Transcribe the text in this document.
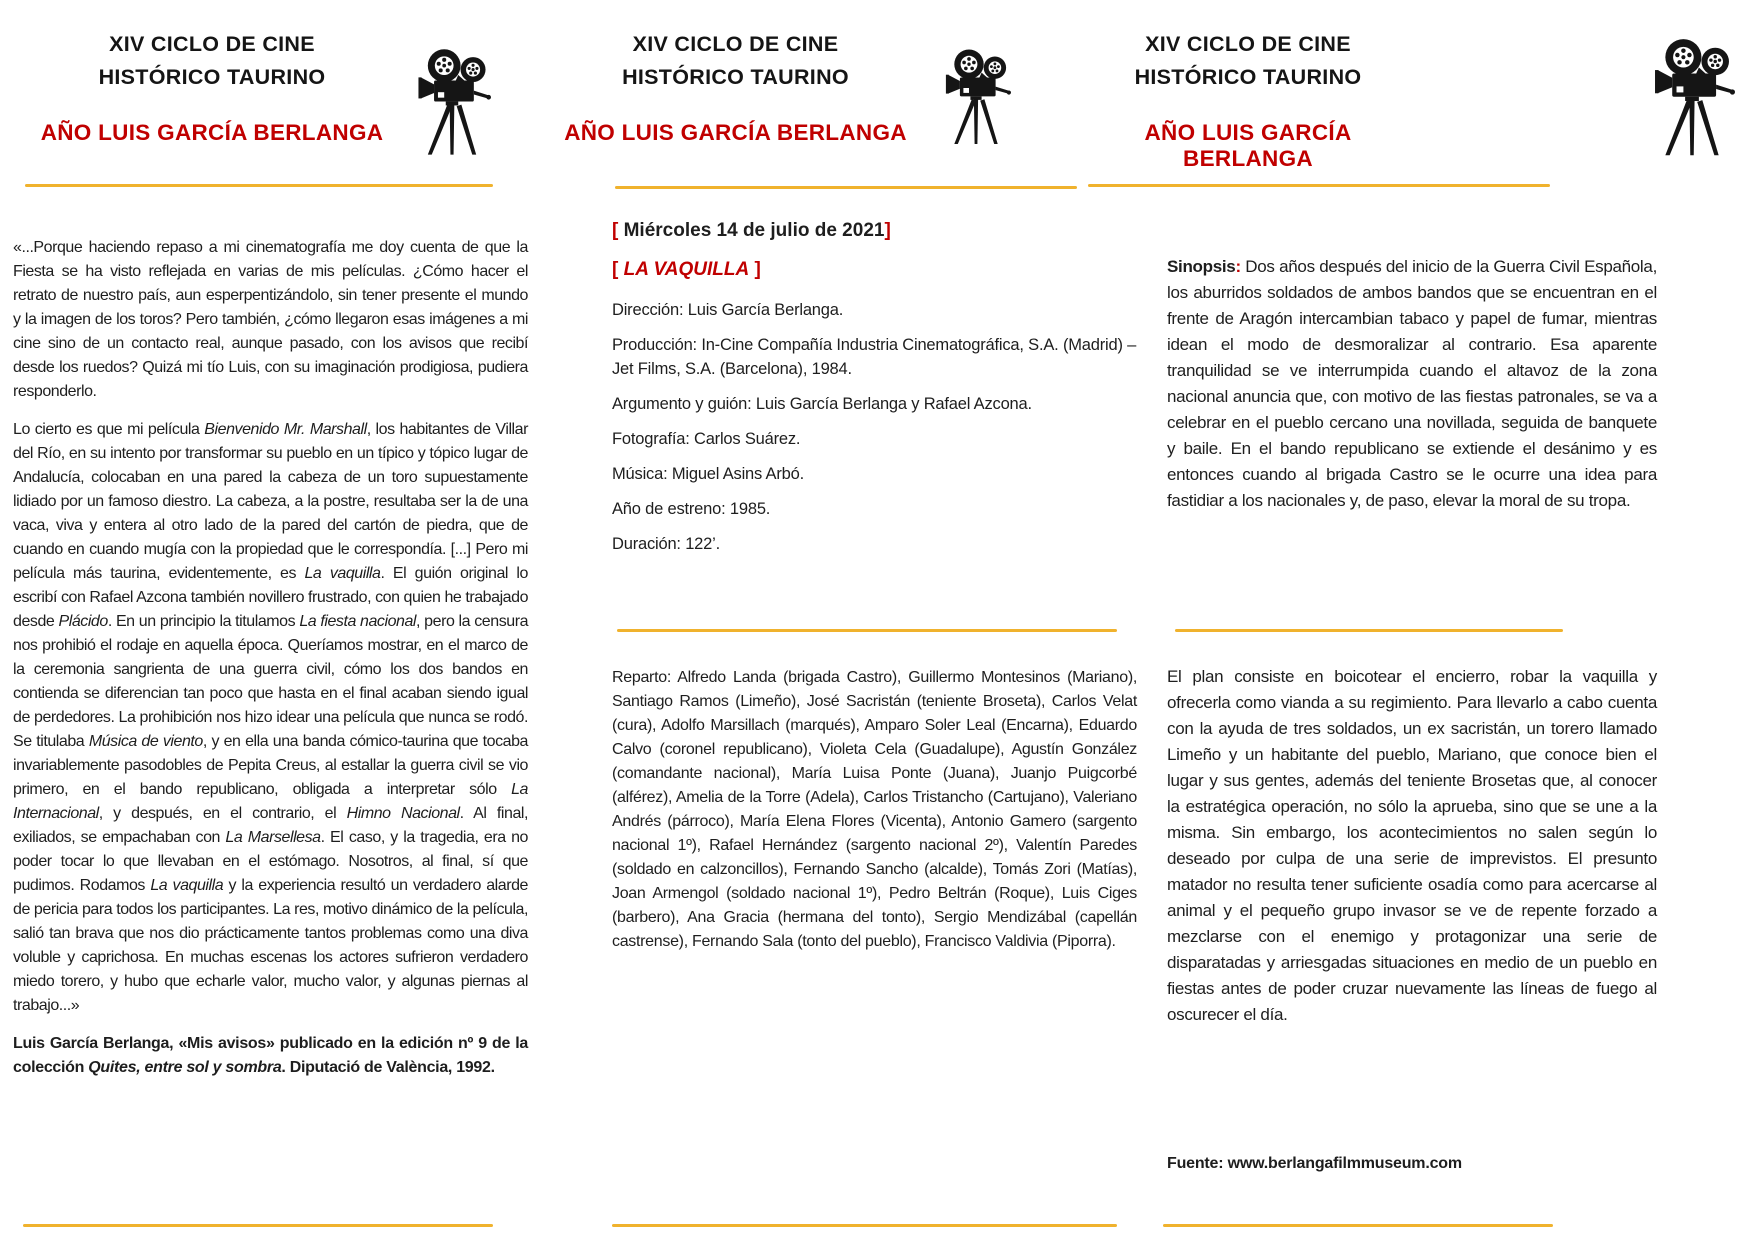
XIV CICLO DE CINE
HISTÓRICO TAURINO
AÑO LUIS GARCÍA BERLANGA
XIV CICLO DE CINE
HISTÓRICO TAURINO
AÑO LUIS GARCÍA BERLANGA
XIV CICLO DE CINE
HISTÓRICO TAURINO
AÑO LUIS GARCÍA BERLANGA

«...Porque haciendo repaso a mi cinematografía me doy cuenta de que la Fiesta se ha visto reflejada en varias de mis películas. ¿Cómo hacer el retrato de nuestro país, aun esperpentizándolo, sin tener presente el mundo y la imagen de los toros? Pero también, ¿cómo llegaron esas imágenes a mi cine sino de un contacto real, aunque pasado, con los avisos que recibí desde los ruedos? Quizá mi tío Luis, con su imaginación prodigiosa, pudiera responderlo.

Lo cierto es que mi película Bienvenido Mr. Marshall, los habitantes de Villar del Río, en su intento por transformar su pueblo en un típico y tópico lugar de Andalucía, colocaban en una pared la cabeza de un toro supuestamente lidiado por un famoso diestro. La cabeza, a la postre, resultaba ser la de una vaca, viva y entera al otro lado de la pared del cartón de piedra, que de cuando en cuando mugía con la propiedad que le correspondía. [...] Pero mi película más taurina, evidentemente, es La vaquilla. El guión original lo escribí con Rafael Azcona también novillero frustrado, con quien he trabajado desde Plácido. En un principio la titulamos La fiesta nacional, pero la censura nos prohibió el rodaje en aquella época. Queríamos mostrar, en el marco de la ceremonia sangrienta de una guerra civil, cómo los dos bandos en contienda se diferencian tan poco que hasta en el final acaban siendo igual de perdedores. La prohibición nos hizo idear una película que nunca se rodó. Se titulaba Música de viento, y en ella una banda cómico-taurina que tocaba invariablemente pasodobles de Pepita Creus, al estallar la guerra civil se vio primero, en el bando republicano, obligada a interpretar sólo La Internacional, y después, en el contrario, el Himno Nacional. Al final, exiliados, se empachaban con La Marsellesa. El caso, y la tragedia, era no poder tocar lo que llevaban en el estómago. Nosotros, al final, sí que pudimos. Rodamos La vaquilla y la experiencia resultó un verdadero alarde de pericia para todos los participantes. La res, motivo dinámico de la película, salió tan brava que nos dio prácticamente tantos problemas como una diva voluble y caprichosa. En muchas escenas los actores sufrieron verdadero miedo torero, y hubo que echarle valor, mucho valor, y algunas piernas al trabajo...»

Luis García Berlanga, «Mis avisos» publicado en la edición nº 9 de la colección Quites, entre sol y sombra. Diputació de València, 1992.

[ Miércoles 14 de julio de 2021]

[ LA VAQUILLA ]

Dirección: Luis García Berlanga.

Producción: In-Cine Compañía Industria Cinematográfica, S.A. (Madrid) – Jet Films, S.A. (Barcelona), 1984.

Argumento y guión: Luis García Berlanga y Rafael Azcona.

Fotografía: Carlos Suárez.

Música: Miguel Asins Arbó.

Año de estreno: 1985.

Duración: 122’.

Reparto: Alfredo Landa (brigada Castro), Guillermo Montesinos (Mariano), Santiago Ramos (Limeño), José Sacristán (teniente Broseta), Carlos Velat (cura), Adolfo Marsillach (marqués), Amparo Soler Leal (Encarna), Eduardo Calvo (coronel republicano), Violeta Cela (Guadalupe), Agustín González (comandante nacional), María Luisa Ponte (Juana), Juanjo Puigcorbé (alférez), Amelia de la Torre (Adela), Carlos Tristancho (Cartujano), Valeriano Andrés (párroco), María Elena Flores (Vicenta), Antonio Gamero (sargento nacional 1º), Rafael Hernández (sargento nacional 2º), Valentín Paredes (soldado en calzoncillos), Fernando Sancho (alcalde), Tomás Zori (Matías), Joan Armengol (soldado nacional 1º), Pedro Beltrán (Roque), Luis Ciges (barbero), Ana Gracia (hermana del tonto), Sergio Mendizábal (capellán castrense), Fernando Sala (tonto del pueblo), Francisco Valdivia (Piporra).

Sinopsis: Dos años después del inicio de la Guerra Civil Española, los aburridos soldados de ambos bandos que se encuentran en el frente de Aragón intercambian tabaco y papel de fumar, mientras idean el modo de desmoralizar al contrario. Esa aparente tranquilidad se ve interrumpida cuando el altavoz de la zona nacional anuncia que, con motivo de las fiestas patronales, se va a celebrar en el pueblo cercano una novillada, seguida de banquete y baile. En el bando republicano se extiende el desánimo y es entonces cuando al brigada Castro se le ocurre una idea para fastidiar a los nacionales y, de paso, elevar la moral de su tropa.

El plan consiste en boicotear el encierro, robar la vaquilla y ofrecerla como vianda a su regimiento. Para llevarlo a cabo cuenta con la ayuda de tres soldados, un ex sacristán, un torero llamado Limeño y un habitante del pueblo, Mariano, que conoce bien el lugar y sus gentes, además del teniente Brosetas que, al conocer la estratégica operación, no sólo la aprueba, sino que se une a la misma. Sin embargo, los acontecimientos no salen según lo deseado por culpa de una serie de imprevistos. El presunto matador no resulta tener suficiente osadía como para acercarse al animal y el pequeño grupo invasor se ve de repente forzado a mezclarse con el enemigo y protagonizar una serie de disparatadas y arriesgadas situaciones en medio de un pueblo en fiestas antes de poder cruzar nuevamente las líneas de fuego al oscurecer el día.

Fuente: www.berlangafilmmuseum.com
